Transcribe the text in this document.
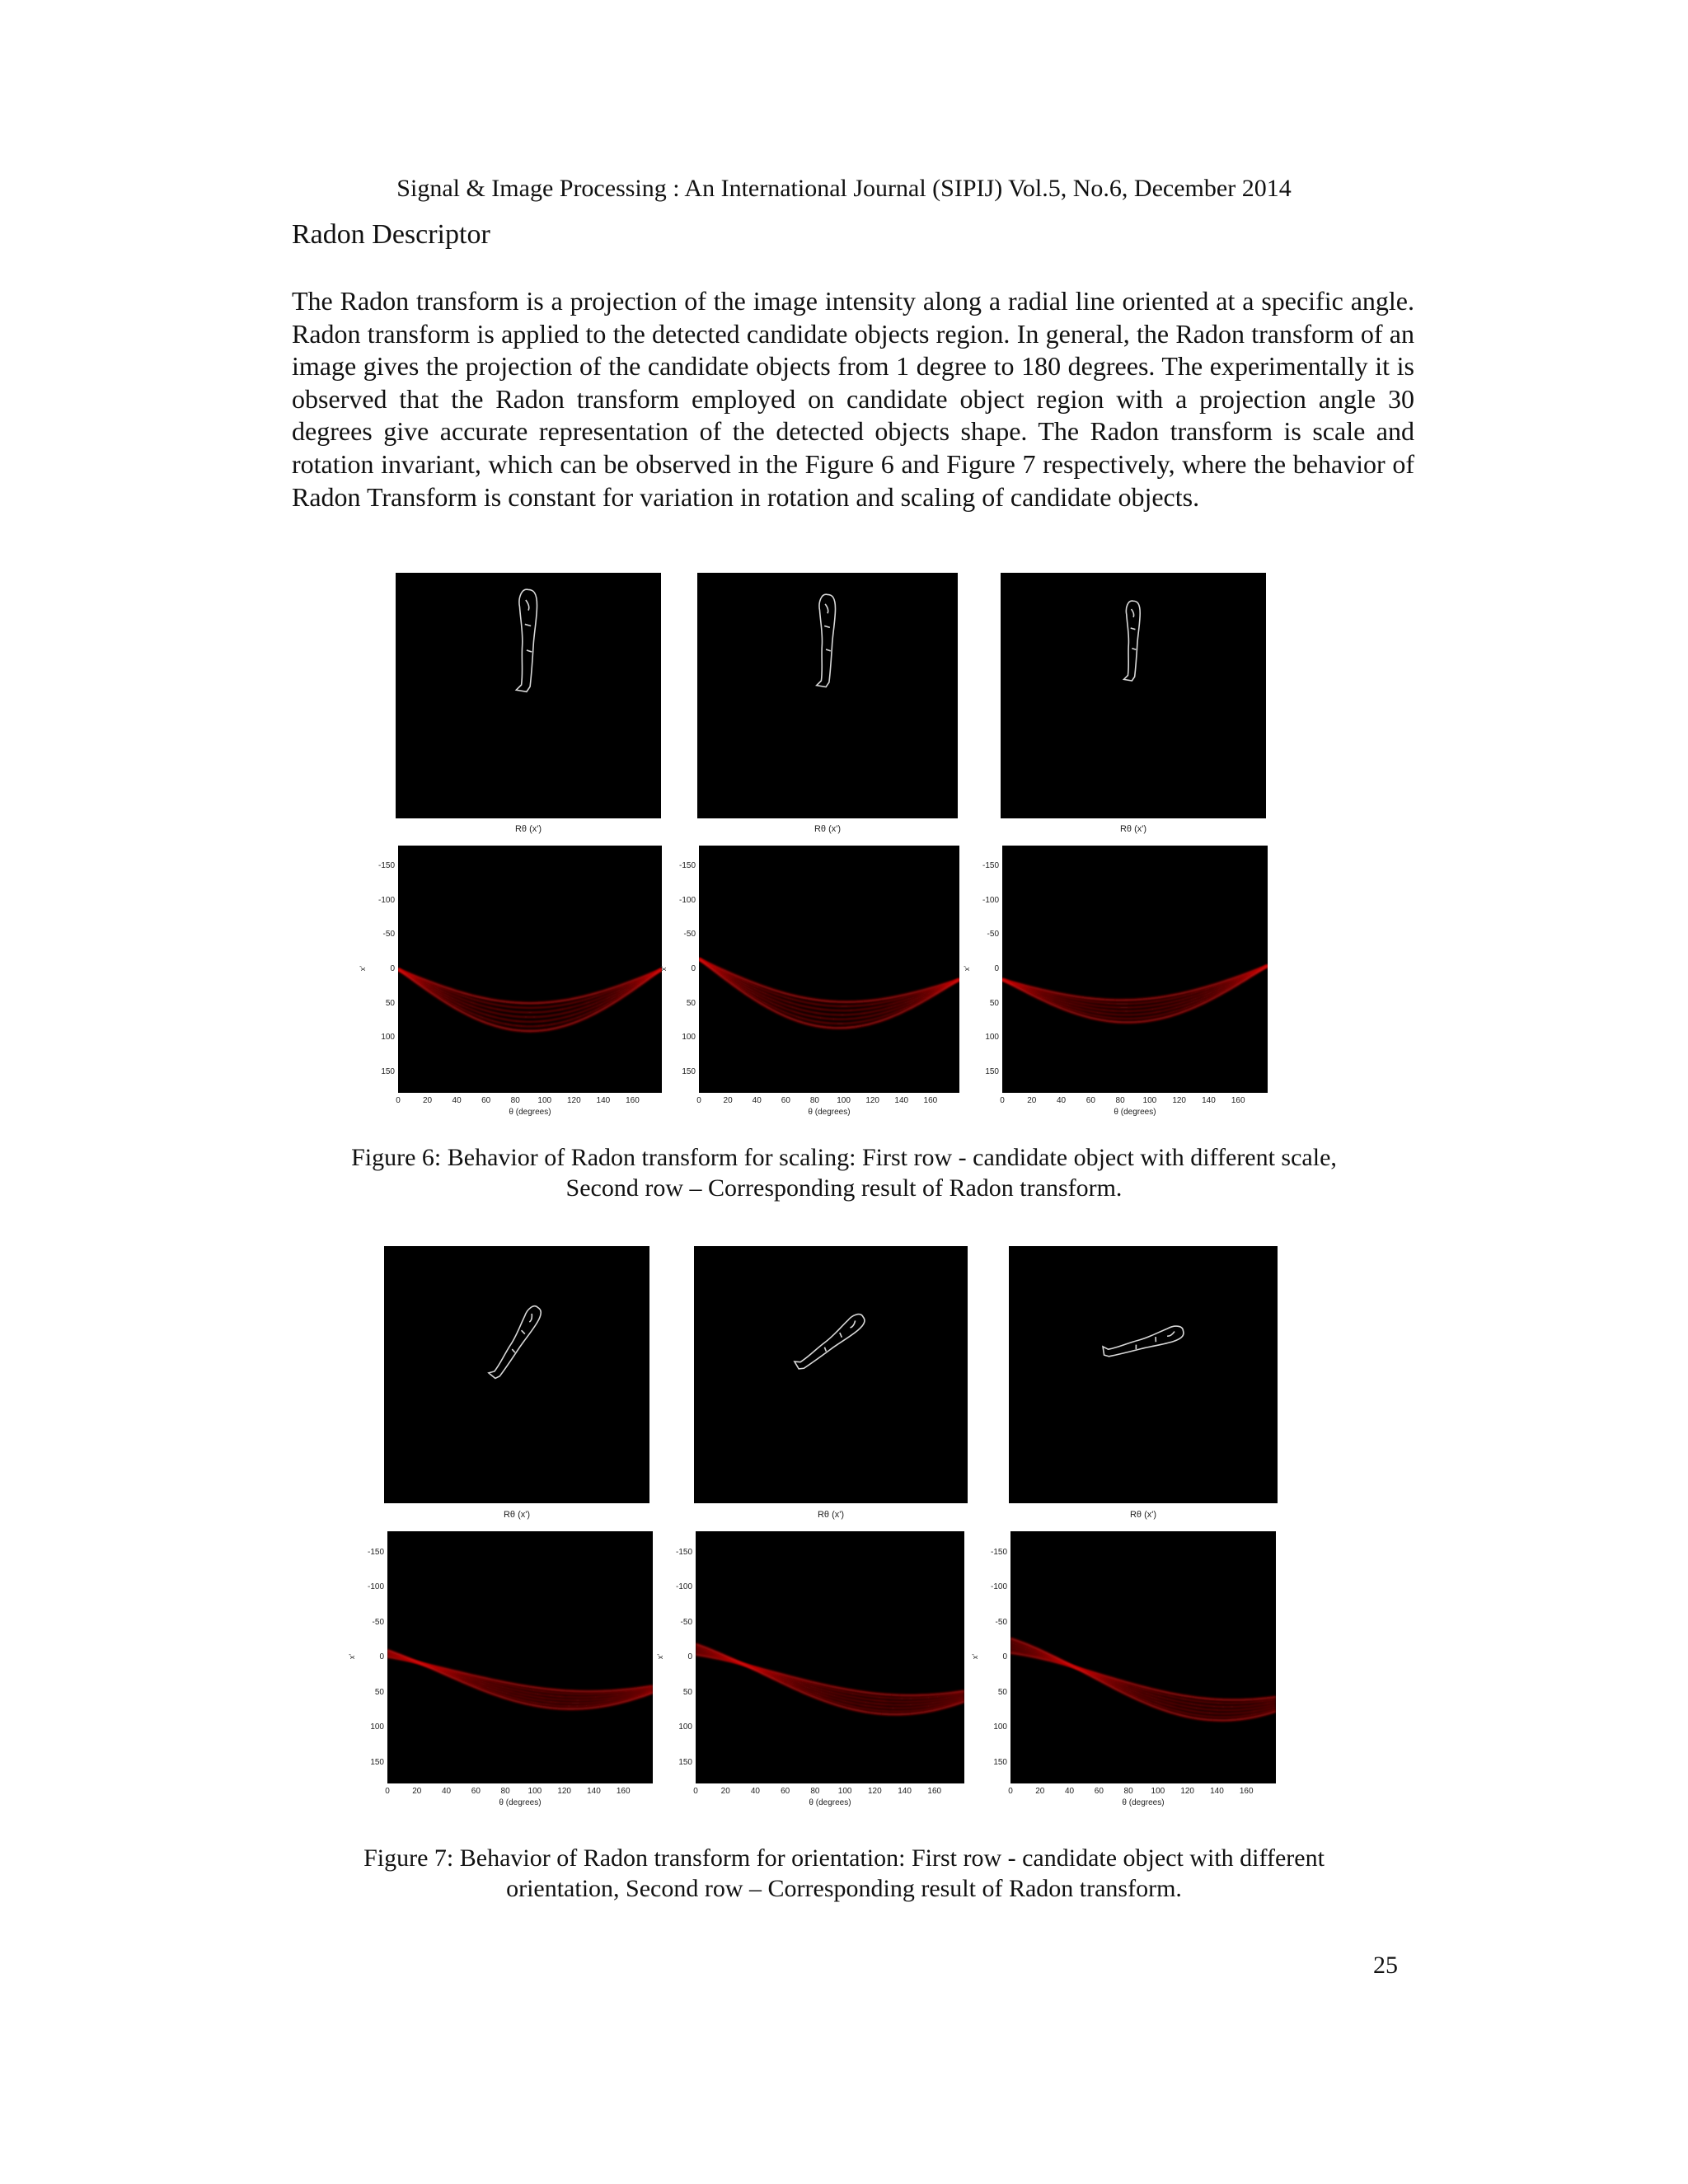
Signal & Image Processing : An International Journal (SIPIJ) Vol.5, No.6, December 2014
Radon Descriptor

The Radon transform is a projection of the image intensity along a radial line oriented at a specific angle. Radon transform is applied to the detected candidate objects region. In general, the Radon transform of an image gives the projection of the candidate objects from 1 degree to 180 degrees. The experimentally it is observed that the Radon transform employed on candidate object region with a projection angle 30 degrees give accurate representation of the detected objects shape. The Radon transform is scale and rotation invariant, which can be observed in the Figure 6 and Figure 7 respectively, where the behavior of Radon Transform is constant for variation in rotation and scaling of candidate objects.

Rθ (x')
-150
-100
-50
0
50
100
150
0	20	40	60	80	100	120	140	160
x'
θ (degrees)
Rθ (x')
-150
-100
-50
0
50
100
150
0	20	40	60	80	100	120	140	160
x'
θ (degrees)
Rθ (x')
-150
-100
-50
0
50
100
150
0	20	40	60	80	100	120	140	160
x'
θ (degrees)
Figure 6: Behavior of Radon transform for scaling: First row - candidate object with different scale,
Second row – Corresponding result of Radon transform.
Rθ (x')
-150
-100
-50
0
50
100
150
0	20	40	60	80	100	120	140	160
x'
θ (degrees)
Rθ (x')
-150
-100
-50
0
50
100
150
0	20	40	60	80	100	120	140	160
x'
θ (degrees)
Rθ (x')
-150
-100
-50
0
50
100
150
0	20	40	60	80	100	120	140	160
x'
θ (degrees)
Figure 7: Behavior of Radon transform for orientation: First row - candidate object with different
orientation, Second row – Corresponding result of Radon transform.
25
